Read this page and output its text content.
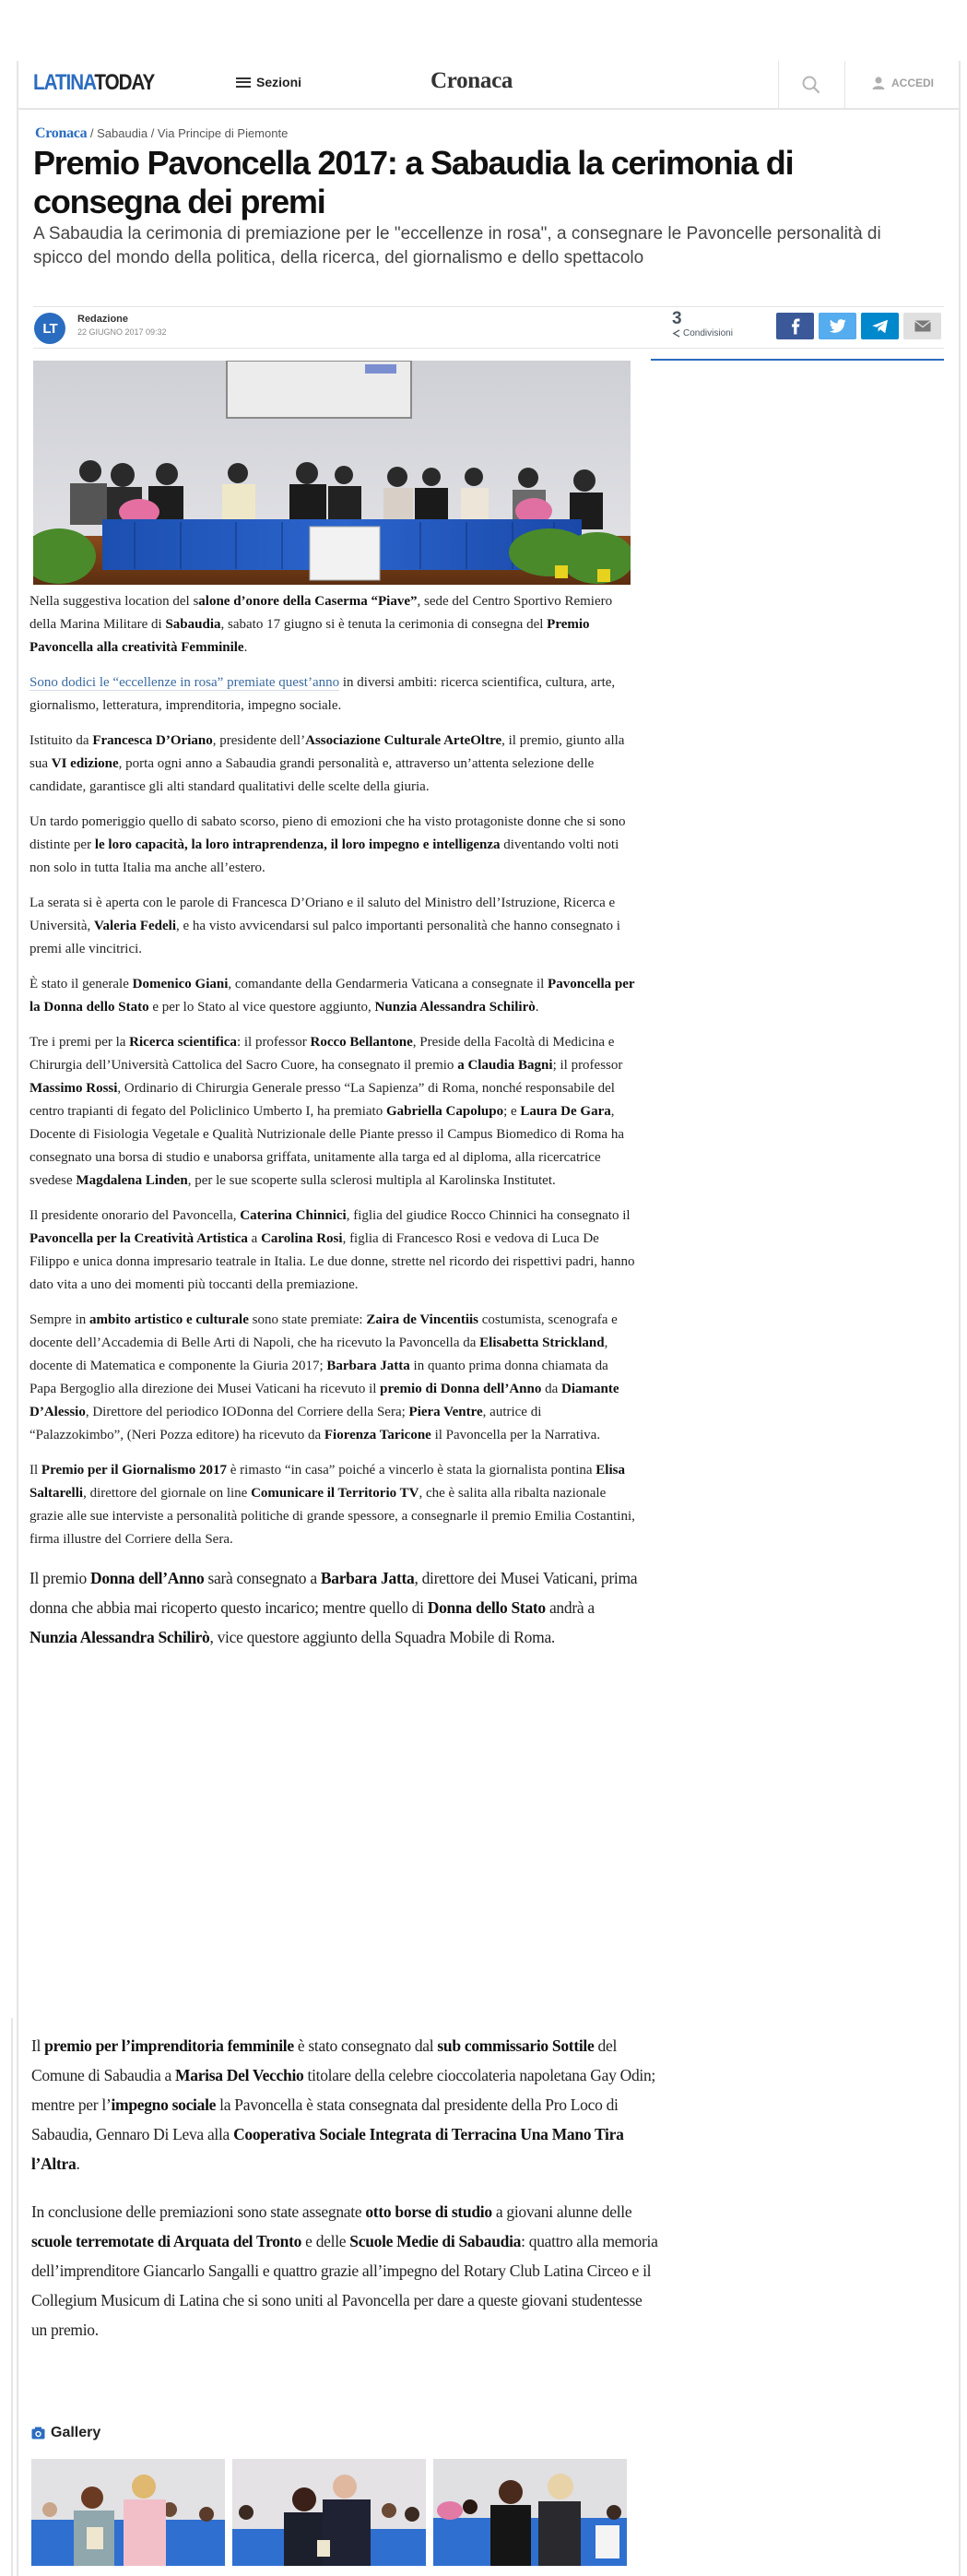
LATINATODAY	Sezioni	Cronaca	ACCEDI
Cronaca / Sabaudia / Via Principe di Piemonte
Premio Pavoncella 2017: a Sabaudia la cerimonia di consegna dei premi

A Sabaudia la cerimonia di premiazione per le "eccellenze in rosa", a consegnare le Pavoncelle personalità di spicco del mondo della politica, della ricerca, del giornalismo e dello spettacolo

LT
Redazione
22 GIUGNO 2017 09:32
3
Condivisioni

Nella suggestiva location del salone d’onore della Caserma “Piave”, sede del Centro Sportivo Remiero della Marina Militare di Sabaudia, sabato 17 giugno si è tenuta la cerimonia di consegna del Premio Pavoncella alla creatività Femminile.

Sono dodici le “eccellenze in rosa” premiate quest’anno in diversi ambiti: ricerca scientifica, cultura, arte, giornalismo, letteratura, imprenditoria, impegno sociale.

Istituito da Francesca D’Oriano, presidente dell’Associazione Culturale ArteOltre, il premio, giunto alla sua VI edizione, porta ogni anno a Sabaudia grandi personalità e, attraverso un’attenta selezione delle candidate, garantisce gli alti standard qualitativi delle scelte della giuria.

Un tardo pomeriggio quello di sabato scorso, pieno di emozioni che ha visto protagoniste donne che si sono distinte per le loro capacità, la loro intraprendenza, il loro impegno e intelligenza diventando volti noti non solo in tutta Italia ma anche all’estero.

La serata si è aperta con le parole di Francesca D’Oriano e il saluto del Ministro dell’Istruzione, Ricerca e Università, Valeria Fedeli, e ha visto avvicendarsi sul palco importanti personalità che hanno consegnato i premi alle vincitrici.

È stato il generale Domenico Giani, comandante della Gendarmeria Vaticana a consegnate il Pavoncella per la Donna dello Stato e per lo Stato al vice questore aggiunto, Nunzia Alessandra Schilirò.

Tre i premi per la Ricerca scientifica: il professor Rocco Bellantone, Preside della Facoltà di Medicina e Chirurgia dell’Università Cattolica del Sacro Cuore, ha consegnato il premio a Claudia Bagni; il professor Massimo Rossi, Ordinario di Chirurgia Generale presso “La Sapienza” di Roma, nonché responsabile del centro trapianti di fegato del Policlinico Umberto I, ha premiato Gabriella Capolupo; e Laura De Gara, Docente di Fisiologia Vegetale e Qualità Nutrizionale delle Piante presso il Campus Biomedico di Roma ha consegnato una borsa di studio e unaborsa griffata, unitamente alla targa ed al diploma, alla ricercatrice svedese Magdalena Linden, per le sue scoperte sulla sclerosi multipla al Karolinska Institutet.

Il presidente onorario del Pavoncella, Caterina Chinnici, figlia del giudice Rocco Chinnici ha consegnato il Pavoncella per la Creatività Artistica a Carolina Rosi, figlia di Francesco Rosi e vedova di Luca De Filippo e unica donna impresario teatrale in Italia. Le due donne, strette nel ricordo dei rispettivi padri, hanno dato vita a uno dei momenti più toccanti della premiazione.

Sempre in ambito artistico e culturale sono state premiate: Zaira de Vincentiis costumista, scenografa e docente dell’Accademia di Belle Arti di Napoli, che ha ricevuto la Pavoncella da Elisabetta Strickland, docente di Matematica e componente la Giuria 2017; Barbara Jatta in quanto prima donna chiamata da Papa Bergoglio alla direzione dei Musei Vaticani ha ricevuto il premio di Donna dell’Anno da Diamante D’Alessio, Direttore del periodico IODonna del Corriere della Sera; Piera Ventre, autrice di “Palazzokimbo”, (Neri Pozza editore) ha ricevuto da Fiorenza Taricone il Pavoncella per la Narrativa.

Il Premio per il Giornalismo 2017 è rimasto “in casa” poiché a vincerlo è stata la giornalista pontina Elisa Saltarelli, direttore del giornale on line Comunicare il Territorio TV, che è salita alla ribalta nazionale grazie alle sue interviste a personalità politiche di grande spessore, a consegnarle il premio Emilia Costantini, firma illustre del Corriere della Sera.

Il premio Donna dell’Anno sarà consegnato a Barbara Jatta, direttore dei Musei Vaticani, prima donna che abbia mai ricoperto questo incarico; mentre quello di Donna dello Stato andrà a Nunzia Alessandra Schilirò, vice questore aggiunto della Squadra Mobile di Roma.

Il premio per l’imprenditoria femminile è stato consegnato dal sub commissario Sottile del Comune di Sabaudia a Marisa Del Vecchio titolare della celebre cioccolateria napoletana Gay Odin; mentre per l’impegno sociale la Pavoncella è stata consegnata dal presidente della Pro Loco di Sabaudia, Gennaro Di Leva alla Cooperativa Sociale Integrata di Terracina Una Mano Tira l’Altra.

In conclusione delle premiazioni sono state assegnate otto borse di studio a giovani alunne delle scuole terremotate di Arquata del Tronto e delle Scuole Medie di Sabaudia: quattro alla memoria dell’imprenditore Giancarlo Sangalli e quattro grazie all’impegno del Rotary Club Latina Circeo e il Collegium Musicum di Latina che si sono uniti al Pavoncella per dare a queste giovani studentesse un premio.

Gallery
